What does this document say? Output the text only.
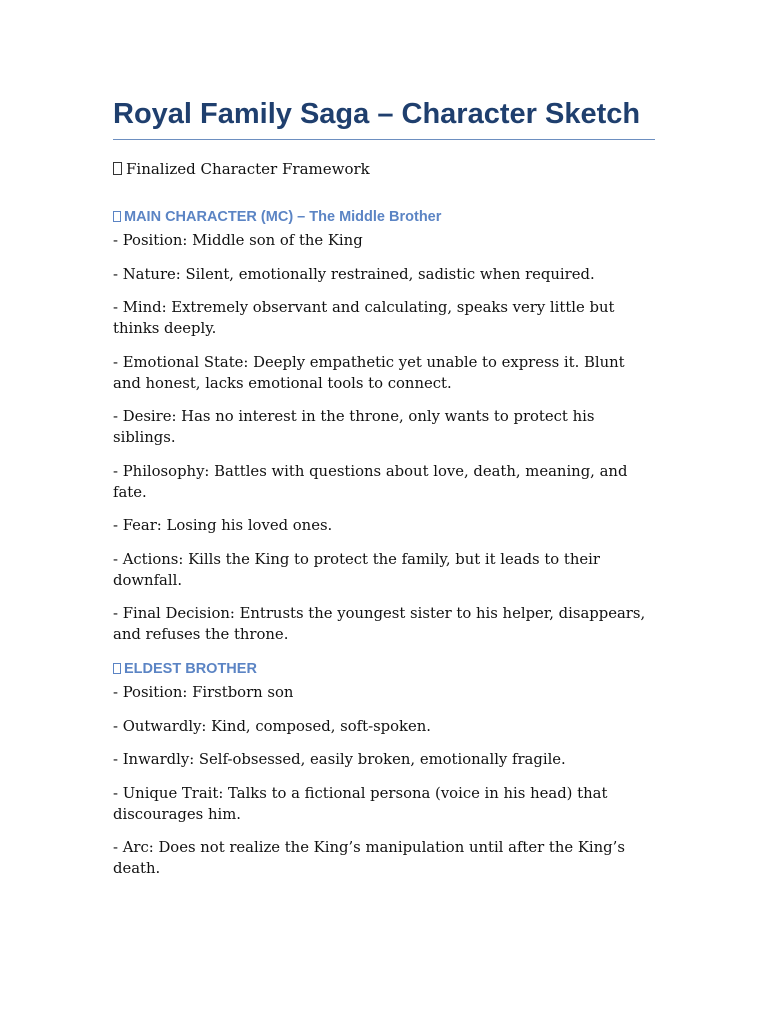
Royal Family Saga – Character Sketch
Finalized Character Framework
MAIN CHARACTER (MC) – The Middle Brother

- Position: Middle son of the King

- Nature: Silent, emotionally restrained, sadistic when required.

- Mind: Extremely observant and calculating, speaks very little but thinks deeply.

- Emotional State: Deeply empathetic yet unable to express it. Blunt and honest, lacks emotional tools to connect.

- Desire: Has no interest in the throne, only wants to protect his siblings.

- Philosophy: Battles with questions about love, death, meaning, and fate.

- Fear: Losing his loved ones.

- Actions: Kills the King to protect the family, but it leads to their downfall.

- Final Decision: Entrusts the youngest sister to his helper, disappears, and refuses the throne.

ELDEST BROTHER

- Position: Firstborn son

- Outwardly: Kind, composed, soft-spoken.

- Inwardly: Self-obsessed, easily broken, emotionally fragile.

- Unique Trait: Talks to a fictional persona (voice in his head) that discourages him.

- Arc: Does not realize the King’s manipulation until after the King’s death.
